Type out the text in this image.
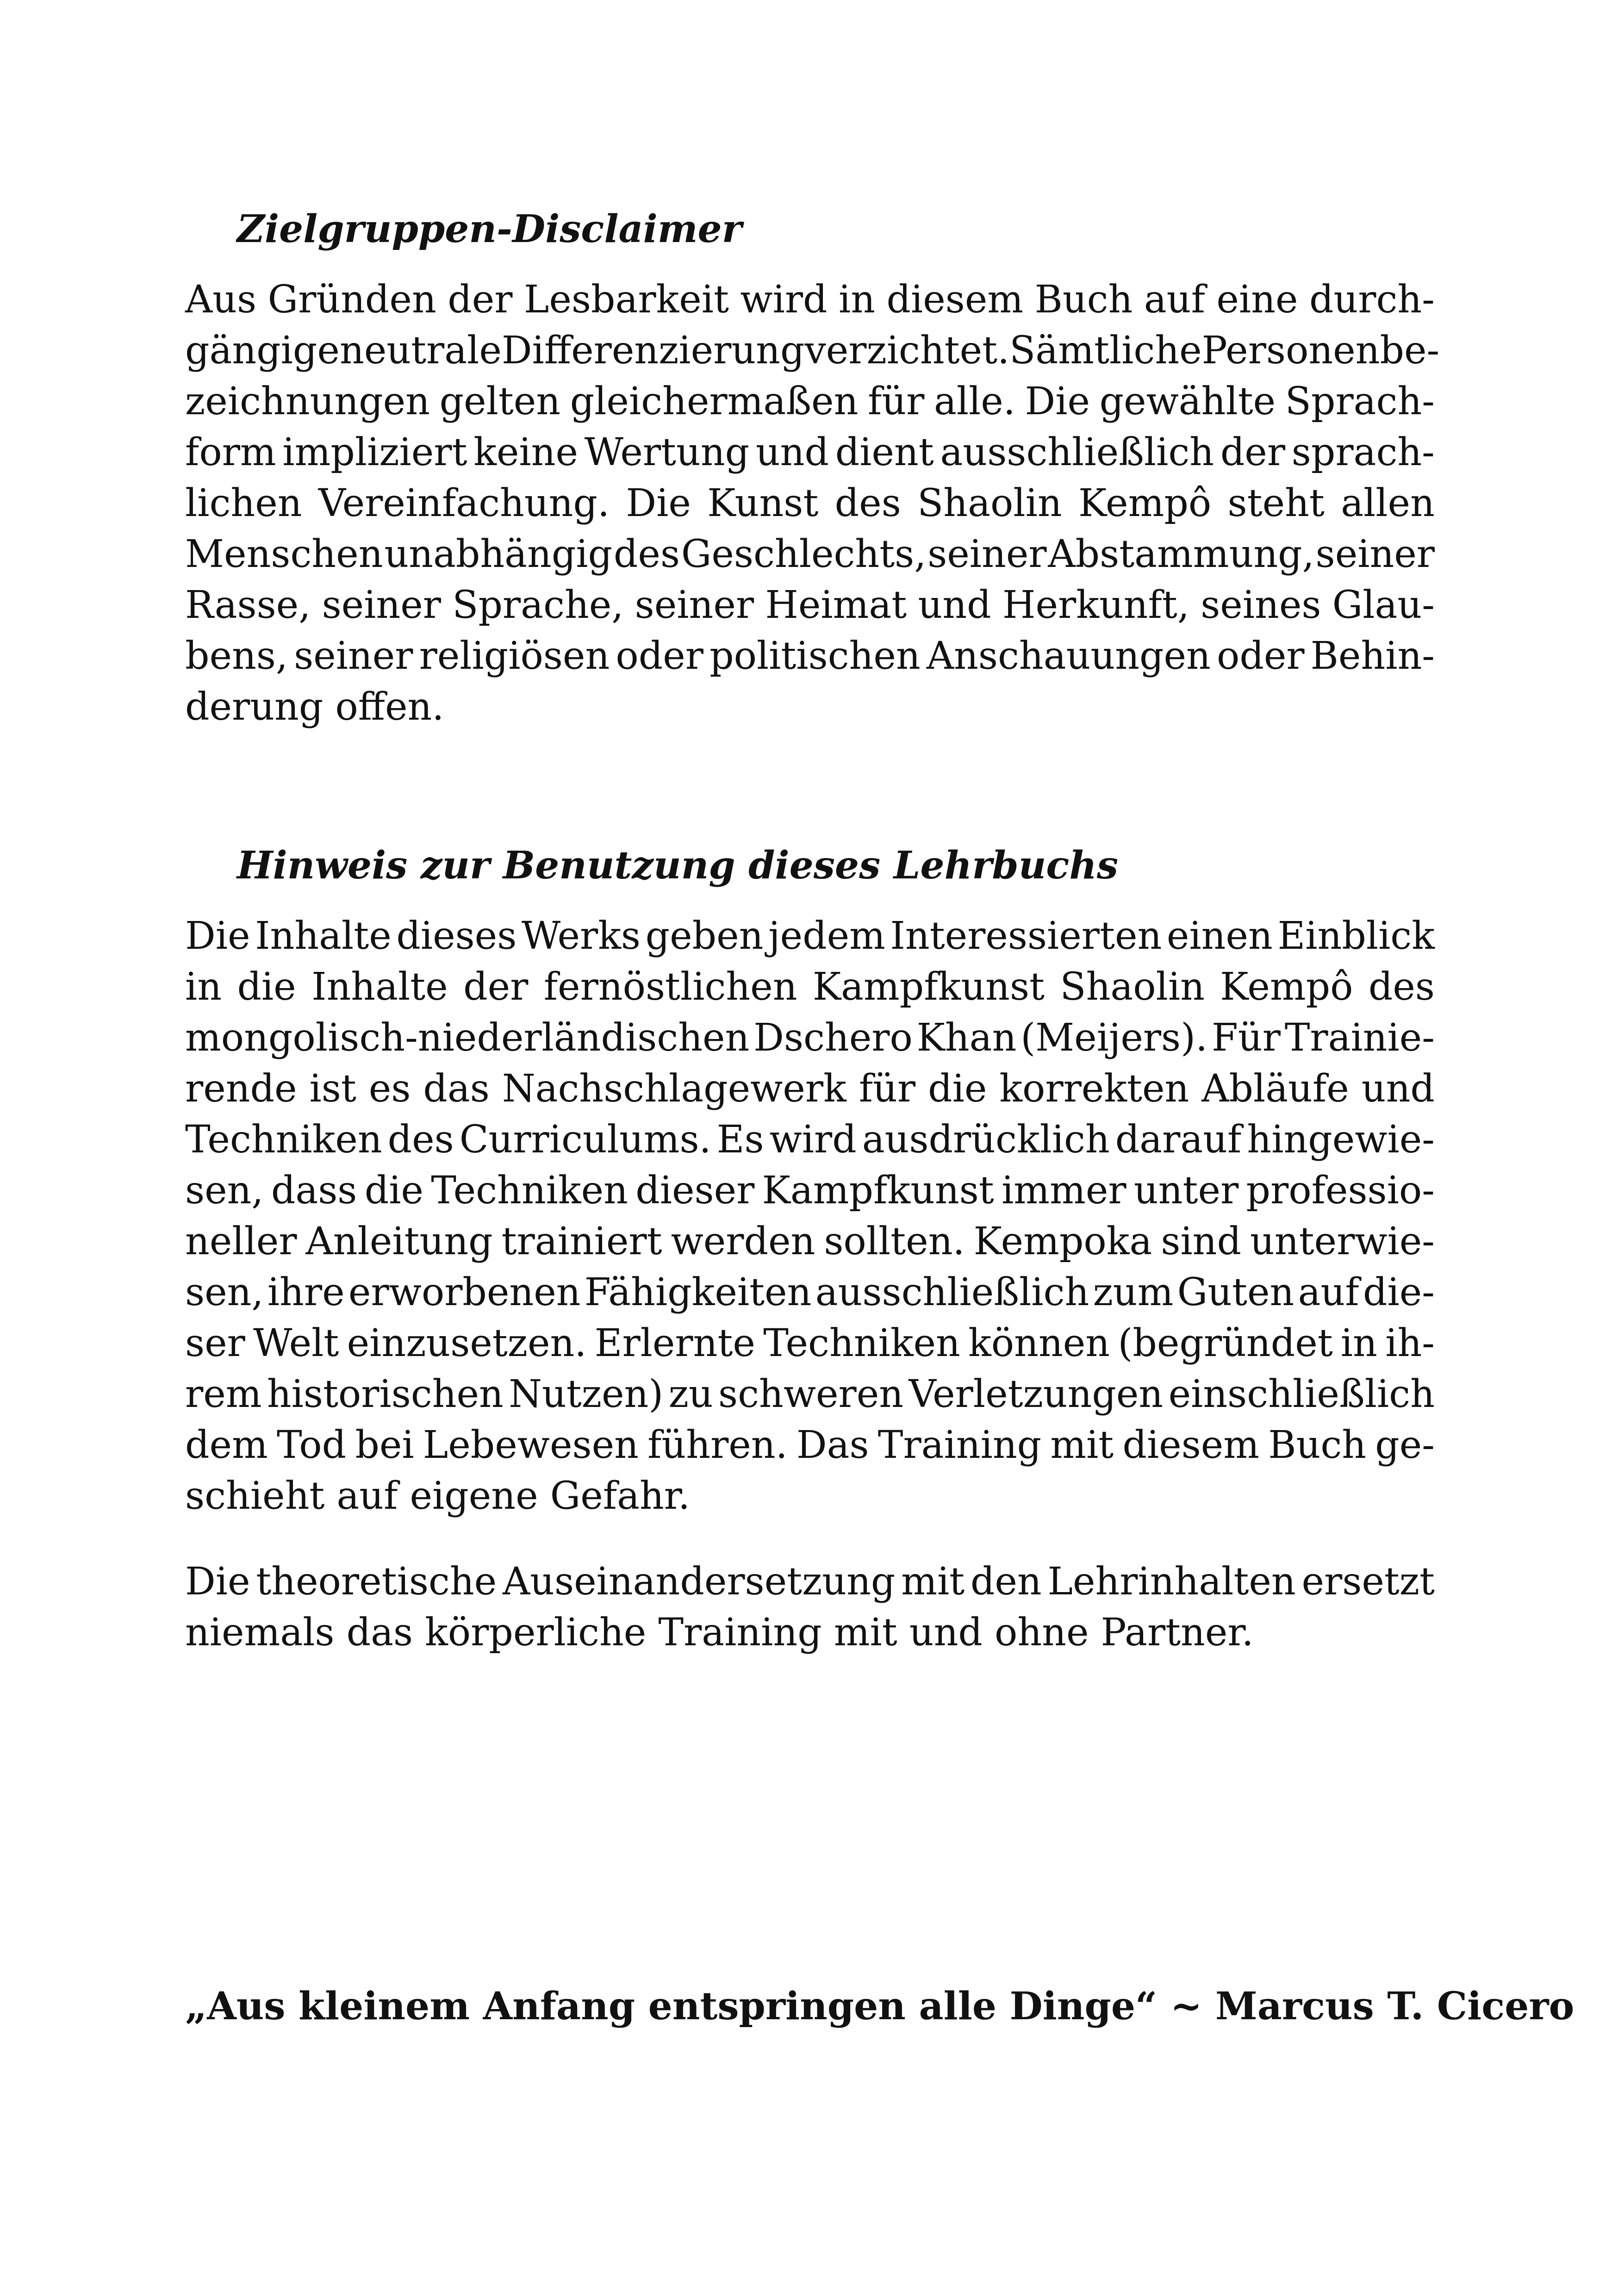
Zielgruppen-Disclaimer
Aus Gründen der Lesbarkeit wird in diesem Buch auf eine durch-
gängige neutrale Differenzierung verzichtet. Sämtliche Personenbe-
zeichnungen gelten gleichermaßen für alle. Die gewählte Sprach-
form impliziert keine Wertung und dient ausschließlich der sprach-
lichen Vereinfachung. Die Kunst des Shaolin Kempô steht allen
Menschen unabhängig des Geschlechts, seiner Abstammung, seiner
Rasse, seiner Sprache, seiner Heimat und Herkunft, seines Glau-
bens, seiner religiösen oder politischen Anschauungen oder Behin-
derung offen.
Hinweis zur Benutzung dieses Lehrbuchs
Die Inhalte dieses Werks geben jedem Interessierten einen Einblick
in die Inhalte der fernöstlichen Kampfkunst Shaolin Kempô des
mongolisch-niederländischen Dschero Khan (Meijers). Für Trainie-
rende ist es das Nachschlagewerk für die korrekten Abläufe und
Techniken des Curriculums. Es wird ausdrücklich darauf hingewie-
sen, dass die Techniken dieser Kampfkunst immer unter professio-
neller Anleitung trainiert werden sollten. Kempoka sind unterwie-
sen, ihre erworbenen Fähigkeiten ausschließlich zum Guten auf die-
ser Welt einzusetzen. Erlernte Techniken können (begründet in ih-
rem historischen Nutzen) zu schweren Verletzungen einschließlich
dem Tod bei Lebewesen führen. Das Training mit diesem Buch ge-
schieht auf eigene Gefahr.
Die theoretische Auseinandersetzung mit den Lehrinhalten ersetzt
niemals das körperliche Training mit und ohne Partner.
„Aus kleinem Anfang entspringen alle Dinge“ ~ Marcus T. Cicero
